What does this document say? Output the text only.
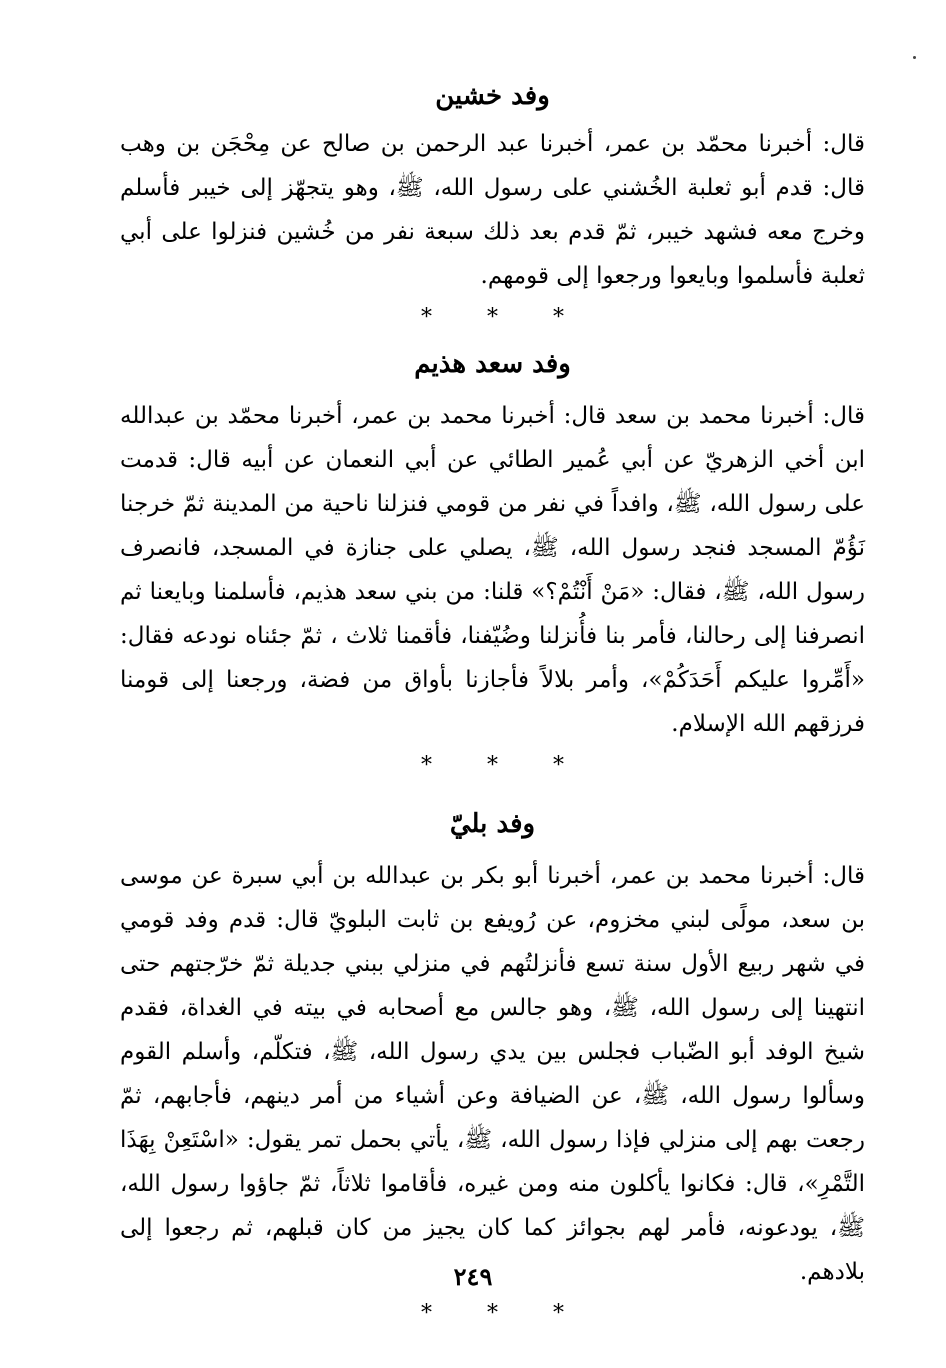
وفد خشين

قال: أخبرنا محمّد بن عمر، أخبرنا عبد الرحمن بن صالح عن مِحْجَن بن وهب قال: قدم أبو ثعلبة الخُشني على رسول الله، ﷺ، وهو يتجهّز إلى خيبر فأسلم وخرج معه فشهد خيبر، ثمّ قدم بعد ذلك سبعة نفر من خُشين فنزلوا على أبي ثعلبة فأسلموا وبايعوا ورجعوا إلى قومهم.

*
*
*
وفد سعد هذيم

قال: أخبرنا محمد بن سعد قال: أخبرنا محمد بن عمر، أخبرنا محمّد بن عبدالله ابن أخي الزهريّ عن أبي عُمير الطائي عن أبي النعمان عن أبيه قال: قدمت على رسول الله، ﷺ، وافداً في نفر من قومي فنزلنا ناحية من المدينة ثمّ خرجنا نَؤُمّ المسجد فنجد رسول الله، ﷺ، يصلي على جنازة في المسجد، فانصرف رسول الله، ﷺ، فقال: «مَنْ أَنْتُمْ؟» قلنا: من بني سعد هذيم، فأسلمنا وبايعنا ثم انصرفنا إلى رحالنا، فأمر بنا فأُنزلنا وضُيّفنا، فأقمنا ثلاث ، ثمّ جئناه نودعه فقال: «أَمِّروا عليكم أَحَدَكُمْ»، وأمر بلالاً فأجازنا بأواق من فضة، ورجعنا إلى قومنا فرزقهم الله الإسلام.

*
*
*
وفد بليّ

قال: أخبرنا محمد بن عمر، أخبرنا أبو بكر بن عبدالله بن أبي سبرة عن موسى بن سعد، مولًى لبني مخزوم، عن رُويفع بن ثابت البلويّ قال: قدم وفد قومي في شهر ربيع الأول سنة تسع فأنزلتُهم في منزلي ببني جديلة ثمّ خرّجتهم حتى انتهينا إلى رسول الله، ﷺ، وهو جالس مع أصحابه في بيته في الغداة، فقدم شيخ الوفد أبو الضّباب فجلس بين يدي رسول الله، ﷺ، فتكلّم، وأسلم القوم وسألوا رسول الله، ﷺ، عن الضيافة وعن أشياء من أمر دينهم، فأجابهم، ثمّ رجعت بهم إلى منزلي فإذا رسول الله، ﷺ، يأتي بحمل تمر يقول: «اسْتَعِنْ بِهَذَا التَّمْرِ»، قال: فكانوا يأكلون منه ومن غيره، فأقاموا ثلاثاً، ثمّ جاؤوا رسول الله، ﷺ، يودعونه، فأمر لهم بجوائز كما كان يجيز من كان قبلهم، ثم رجعوا إلى بلادهم.

*
*
*
٢٤٩
